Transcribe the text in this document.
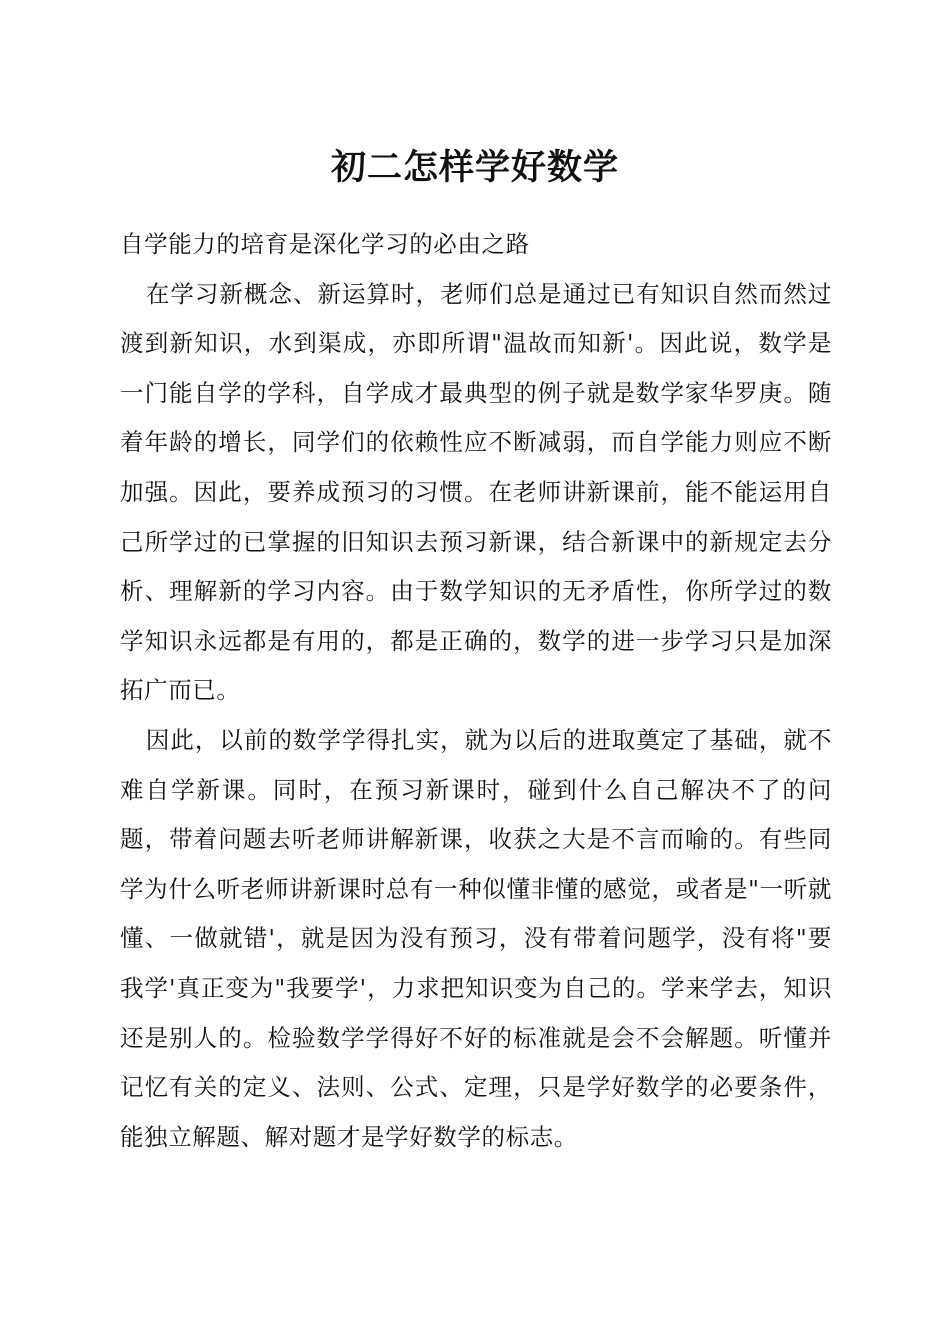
初二怎样学好数学

自学能力的培育是深化学习的必由之路

在学习新概念、新运算时，老师们总是通过已有知识自然而然过渡到新知识，水到渠成，亦即所谓"温故而知新'。因此说，数学是一门能自学的学科，自学成才最典型的例子就是数学家华罗庚。随着年龄的增长，同学们的依赖性应不断减弱，而自学能力则应不断加强。因此，要养成预习的习惯。在老师讲新课前，能不能运用自己所学过的已掌握的旧知识去预习新课，结合新课中的新规定去分析、理解新的学习内容。由于数学知识的无矛盾性，你所学过的数学知识永远都是有用的，都是正确的，数学的进一步学习只是加深拓广而已。

因此，以前的数学学得扎实，就为以后的进取奠定了基础，就不难自学新课。同时，在预习新课时，碰到什么自己解决不了的问题，带着问题去听老师讲解新课，收获之大是不言而喻的。有些同学为什么听老师讲新课时总有一种似懂非懂的感觉，或者是"一听就懂、一做就错'，就是因为没有预习，没有带着问题学，没有将"要我学'真正变为"我要学'，力求把知识变为自己的。学来学去，知识还是别人的。检验数学学得好不好的标准就是会不会解题。听懂并记忆有关的定义、法则、公式、定理，只是学好数学的必要条件，能独立解题、解对题才是学好数学的标志。
